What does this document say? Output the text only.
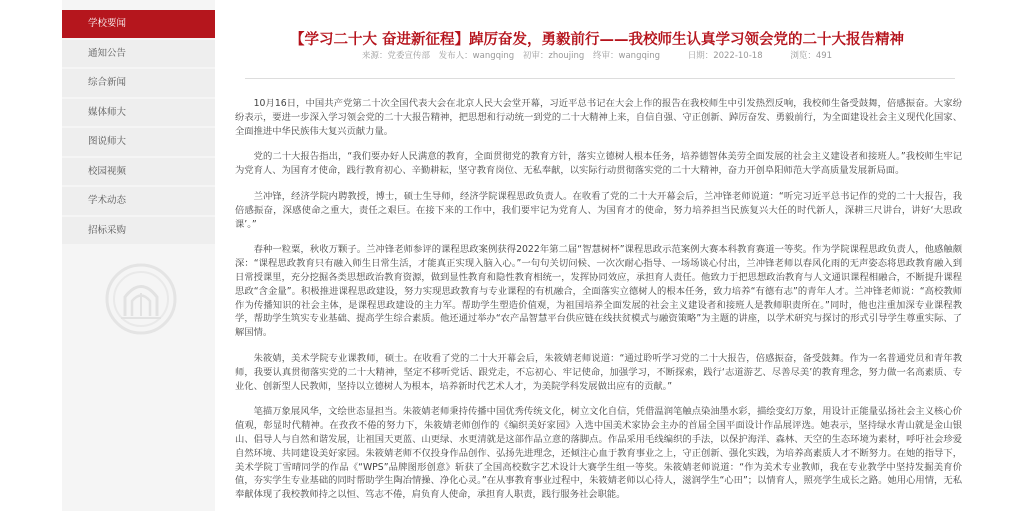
学校要闻
通知公告
综合新闻
媒体师大
图说师大
校园视频
学术动态
招标采购
【学习二十大 奋进新征程】踔厉奋发，勇毅前行——我校师生认真学习领会党的二十大报告精神
来源：党委宣传部 发布人：wangqing 初审：zhoujing 终审：wangqing	日期：2022-10-18	浏览：491

10月16日，中国共产党第二十次全国代表大会在北京人民大会堂开幕，习近平总书记在大会上作的报告在我校师生中引发热烈反响，我校师生备受鼓舞，倍感振奋。大家纷纷表示，要进一步深入学习领会党的二十大报告精神，把思想和行动统一到党的二十大精神上来，自信自强、守正创新、踔厉奋发、勇毅前行，为全面建设社会主义现代化国家、全面推进中华民族伟大复兴贡献力量。

党的二十大报告指出，“我们要办好人民满意的教育，全面贯彻党的教育方针，落实立德树人根本任务，培养德智体美劳全面发展的社会主义建设者和接班人。”我校师生牢记为党育人、为国育才使命，践行教育初心、辛勤耕耘，坚守教育岗位、无私奉献，以实际行动贯彻落实党的二十大精神，奋力开创阜阳师范大学高质量发展新局面。

兰冲锋，经济学院内聘教授，博士，硕士生导师，经济学院课程思政负责人。在收看了党的二十大开幕会后，兰冲锋老师说道：“听完习近平总书记作的党的二十大报告，我倍感振奋，深感使命之重大，责任之艰巨。在接下来的工作中，我们要牢记为党育人、为国育才的使命，努力培养担当民族复兴大任的时代新人，深耕三尺讲台，讲好‘大思政课’。”

春种一粒粟，秋收万颗子。兰冲锋老师参评的课程思政案例获得2022年第二届“智慧树杯”课程思政示范案例大赛本科教育赛道一等奖。作为学院课程思政负责人，他感触颇深：“课程思政教育只有融入师生日常生活，才能真正实现入脑入心。”一句句关切问候、一次次耐心指导、一场场谈心付出，兰冲锋老师以春风化雨的无声姿态将思政教育融入到日常授课里，充分挖掘各类思想政治教育资源，做到显性教育和隐性教育相统一，发挥协同效应，承担育人责任。他致力于把思想政治教育与人文通识课程相融合，不断提升课程思政“含金量”。积极推进课程思政建设，努力实现思政教育与专业课程的有机融合，全面落实立德树人的根本任务，致力培养“有德有志”的青年人才。兰冲锋老师说：“高校教师作为传播知识的社会主体，是课程思政建设的主力军。帮助学生塑造价值观，为祖国培养全面发展的社会主义建设者和接班人是教师职责所在。”同时，他也注重加深专业课程教学，帮助学生筑实专业基础、提高学生综合素质。他还通过举办“农产品智慧平台供应链在线扶贫模式与融资策略”为主题的讲座，以学术研究与探讨的形式引导学生尊重实际、了解国情。

朱筱婧，美术学院专业课教师，硕士。在收看了党的二十大开幕会后，朱筱婧老师说道：“通过聆听学习党的二十大报告，倍感振奋，备受鼓舞。作为一名普通党员和青年教师，我要认真贯彻落实党的二十大精神，坚定不移听党话、跟党走，不忘初心、牢记使命，加强学习，不断探索，践行‘志道游艺、尽善尽美’的教育理念，努力做一名高素质、专业化、创新型人民教师，坚持以立德树人为根本，培养新时代艺术人才，为美院学科发展做出应有的贡献。”

笔描万象展风华，文绘世态显担当。朱筱婧老师秉持传播中国优秀传统文化，树立文化自信，凭借温润笔触点染油墨水彩，描绘变幻万象，用设计正能量弘扬社会主义核心价值观，彰显时代精神。在孜孜不倦的努力下，朱筱婧老师创作的《编织美好家园》入选中国美术家协会主办的首届全国平面设计作品展评选。她表示，坚持绿水青山就是金山银山、倡导人与自然和谐发展，让祖国天更蓝、山更绿、水更清就是这部作品立意的落脚点。作品采用毛线编织的手法，以保护海洋、森林、天空的生态环境为素材，呼吁社会珍爱自然环境、共同建设美好家园。朱筱婧老师不仅投身作品创作、弘扬先进理念，还倾注心血于教育事业之上，守正创新、强化实践，为培养高素质人才不断努力。在她的指导下，美术学院丁雪晴同学的作品《“WPS”品牌图形创意》斩获了全国高校数字艺术设计大赛学生组一等奖。朱筱婧老师说道：“作为美术专业教师，我在专业教学中坚持发掘美育价值，夯实学生专业基础的同时帮助学生陶冶情操、净化心灵。”在从事教育事业过程中，朱筱婧老师以心待人，滋润学生“心田”；以情育人，照亮学生成长之路。她用心用情，无私奉献体现了我校教师持之以恒、笃志不倦，肩负育人使命，承担育人职责，践行服务社会职能。
